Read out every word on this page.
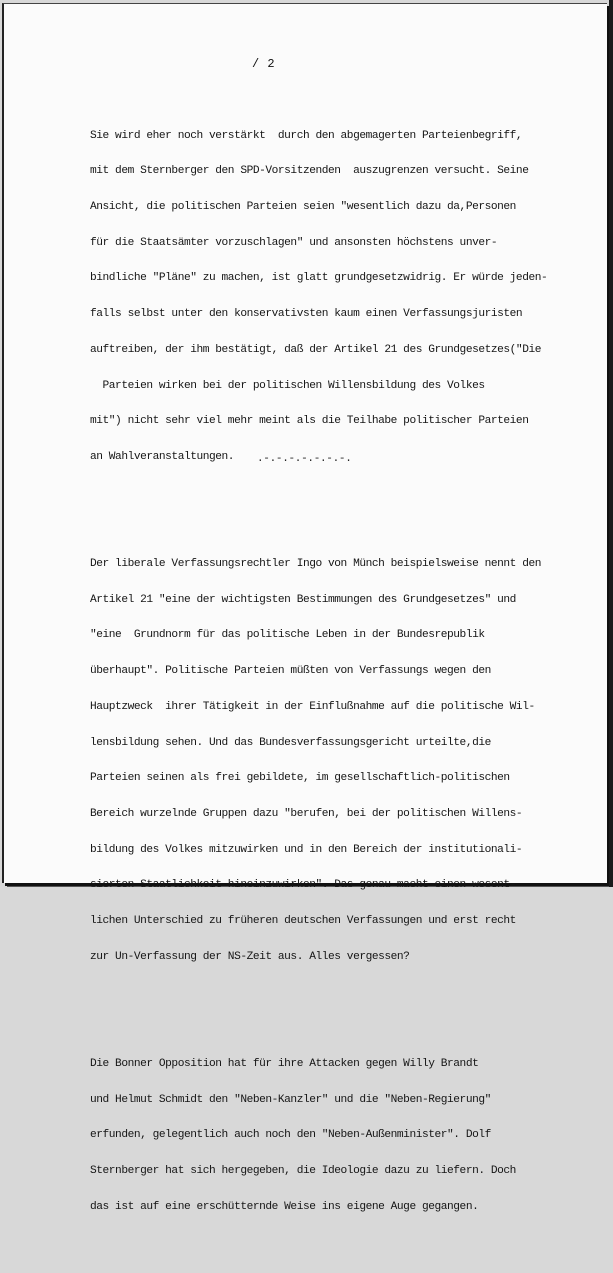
/ 2

Sie wird eher noch verstärkt  durch den abgemagerten Parteienbegriff,

mit dem Sternberger den SPD-Vorsitzenden  auszugrenzen versucht. Seine

Ansicht, die politischen Parteien seien "wesentlich dazu da,Personen

für die Staatsämter vorzuschlagen" und ansonsten höchstens unver-

bindliche "Pläne" zu machen, ist glatt grundgesetzwidrig. Er würde jeden-

falls selbst unter den konservativsten kaum einen Verfassungsjuristen

auftreiben, der ihm bestätigt, daß der Artikel 21 des Grundgesetzes("Die

Parteien wirken bei der politischen Willensbildung des Volkes

mit") nicht sehr viel mehr meint als die Teilhabe politischer Parteien

an Wahlveranstaltungen.

Der liberale Verfassungsrechtler Ingo von Münch beispielsweise nennt den

Artikel 21 "eine der wichtigsten Bestimmungen des Grundgesetzes" und

"eine  Grundnorm für das politische Leben in der Bundesrepublik

überhaupt". Politische Parteien müßten von Verfassungs wegen den

Hauptzweck  ihrer Tätigkeit in der Einflußnahme auf die politische Wil-

lensbildung sehen. Und das Bundesverfassungsgericht urteilte,die

Parteien seinen als frei gebildete, im gesellschaftlich-politischen

Bereich wurzelnde Gruppen dazu "berufen, bei der politischen Willens-

bildung des Volkes mitzuwirken und in den Bereich der institutionali-

sierten Staatlichkeit hineinzuwirken". Das genau macht einen wesent-

lichen Unterschied zu früheren deutschen Verfassungen und erst recht

zur Un-Verfassung der NS-Zeit aus. Alles vergessen?

Die Bonner Opposition hat für ihre Attacken gegen Willy Brandt

und Helmut Schmidt den "Neben-Kanzler" und die "Neben-Regierung"

erfunden, gelegentlich auch noch den "Neben-Außenminister". Dolf

Sternberger hat sich hergegeben, die Ideologie dazu zu liefern. Doch

das ist auf eine erschütternde Weise ins eigene Auge gegangen.

.-.-.-.-.-.-.-.
